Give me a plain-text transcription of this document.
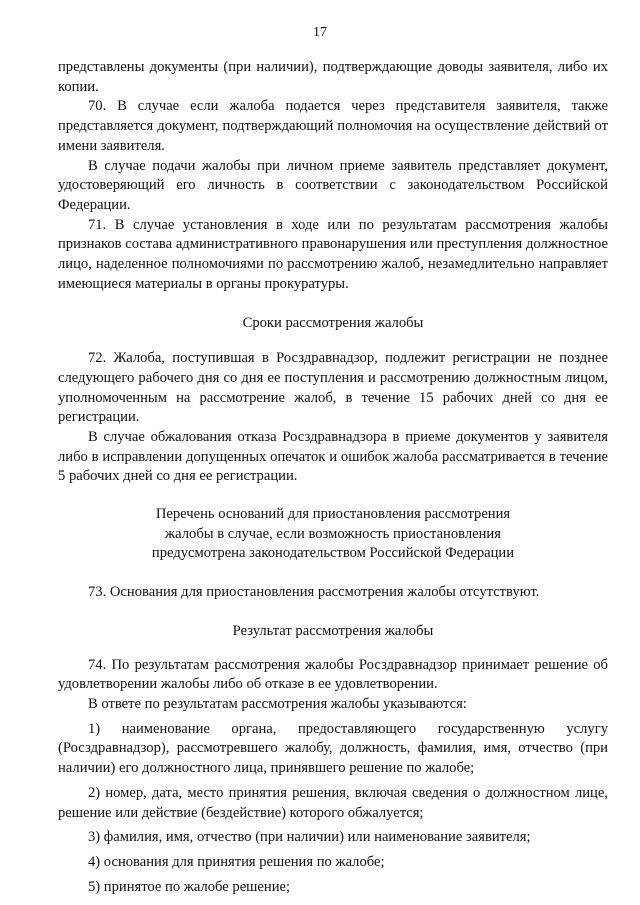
17

представлены документы (при наличии), подтверждающие доводы заявителя, либо их копии.

70. В случае если жалоба подается через представителя заявителя, также представляется документ, подтверждающий полномочия на осуществление действий от имени заявителя.

В случае подачи жалобы при личном приеме заявитель представляет документ, удостоверяющий его личность в соответствии с законодательством Российской Федерации.

71. В случае установления в ходе или по результатам рассмотрения жалобы признаков состава административного правонарушения или преступления должностное лицо, наделенное полномочиями по рассмотрению жалоб, незамедлительно направляет имеющиеся материалы в органы прокуратуры.

Сроки рассмотрения жалобы

72. Жалоба, поступившая в Росздравнадзор, подлежит регистрации не позднее следующего рабочего дня со дня ее поступления и рассмотрению должностным лицом, уполномоченным на рассмотрение жалоб, в течение 15 рабочих дней со дня ее регистрации.

В случае обжалования отказа Росздравнадзора в приеме документов у заявителя либо в исправлении допущенных опечаток и ошибок жалоба рассматривается в течение 5 рабочих дней со дня ее регистрации.

Перечень оснований для приостановления рассмотрения
жалобы в случае, если возможность приостановления
предусмотрена законодательством Российской Федерации

73. Основания для приостановления рассмотрения жалобы отсутствуют.

Результат рассмотрения жалобы

74. По результатам рассмотрения жалобы Росздравнадзор принимает решение об удовлетворении жалобы либо об отказе в ее удовлетворении.

В ответе по результатам рассмотрения жалобы указываются:

1) наименование органа, предоставляющего государственную услугу (Росздравнадзор), рассмотревшего жалобу, должность, фамилия, имя, отчество (при наличии) его должностного лица, принявшего решение по жалобе;

2) номер, дата, место принятия решения, включая сведения о должностном лице, решение или действие (бездействие) которого обжалуется;

3) фамилия, имя, отчество (при наличии) или наименование заявителя;

4) основания для принятия решения по жалобе;

5) принятое по жалобе решение;
